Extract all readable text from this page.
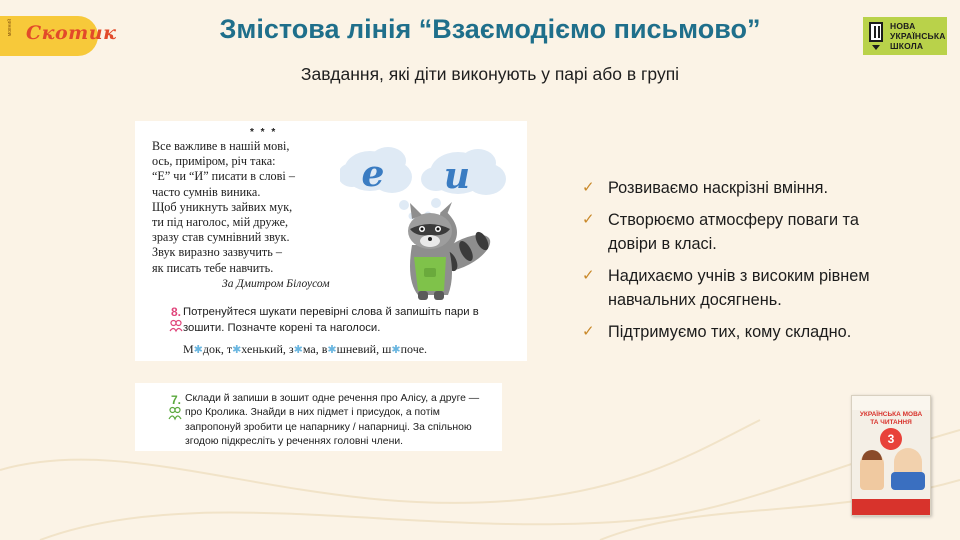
мовний Скотик	НОВА
УКРАЇНСЬКА
ШКОЛА
Змістова лінія “Взаємодіємо письмово”
Завдання, які діти виконують у парі або в групі
* * *
Все важливе в нашій мові,
ось, приміром, річ така:
“Е” чи “И” писати в слові –
часто сумнів виника.
Щоб уникнуть зайвих мук,
ти під наголос, мій друже,
зразу став сумнівний звук.
Звук виразно зазвучить –
як писать тебе навчить.
За Дмитром Білоусом
е	и
8. Потренуйтеся шукати перевірні слова й запишіть пари в зошити. Позначте корені та наголоси.
М✱док, т✱хенький, з✱ма, в✱шневий, ш✱поче.
7. Склади й запиши в зошит одне речення про Алісу, а друге — про Кролика. Знайди в них підмет і присудок, а потім запропонуй зробити це напарнику / напарниці. За спільною згодою підкресліть у реченнях головні члени.
✓ Розвиваємо наскрізні вміння.
✓ Створюємо атмосферу поваги та довіри в класі.
✓ Надихаємо учнів з високим рівнем навчальних досягнень.
✓ Підтримуємо тих, кому складно.
УКРАЇНСЬКА МОВА ТА ЧИТАННЯ
3
